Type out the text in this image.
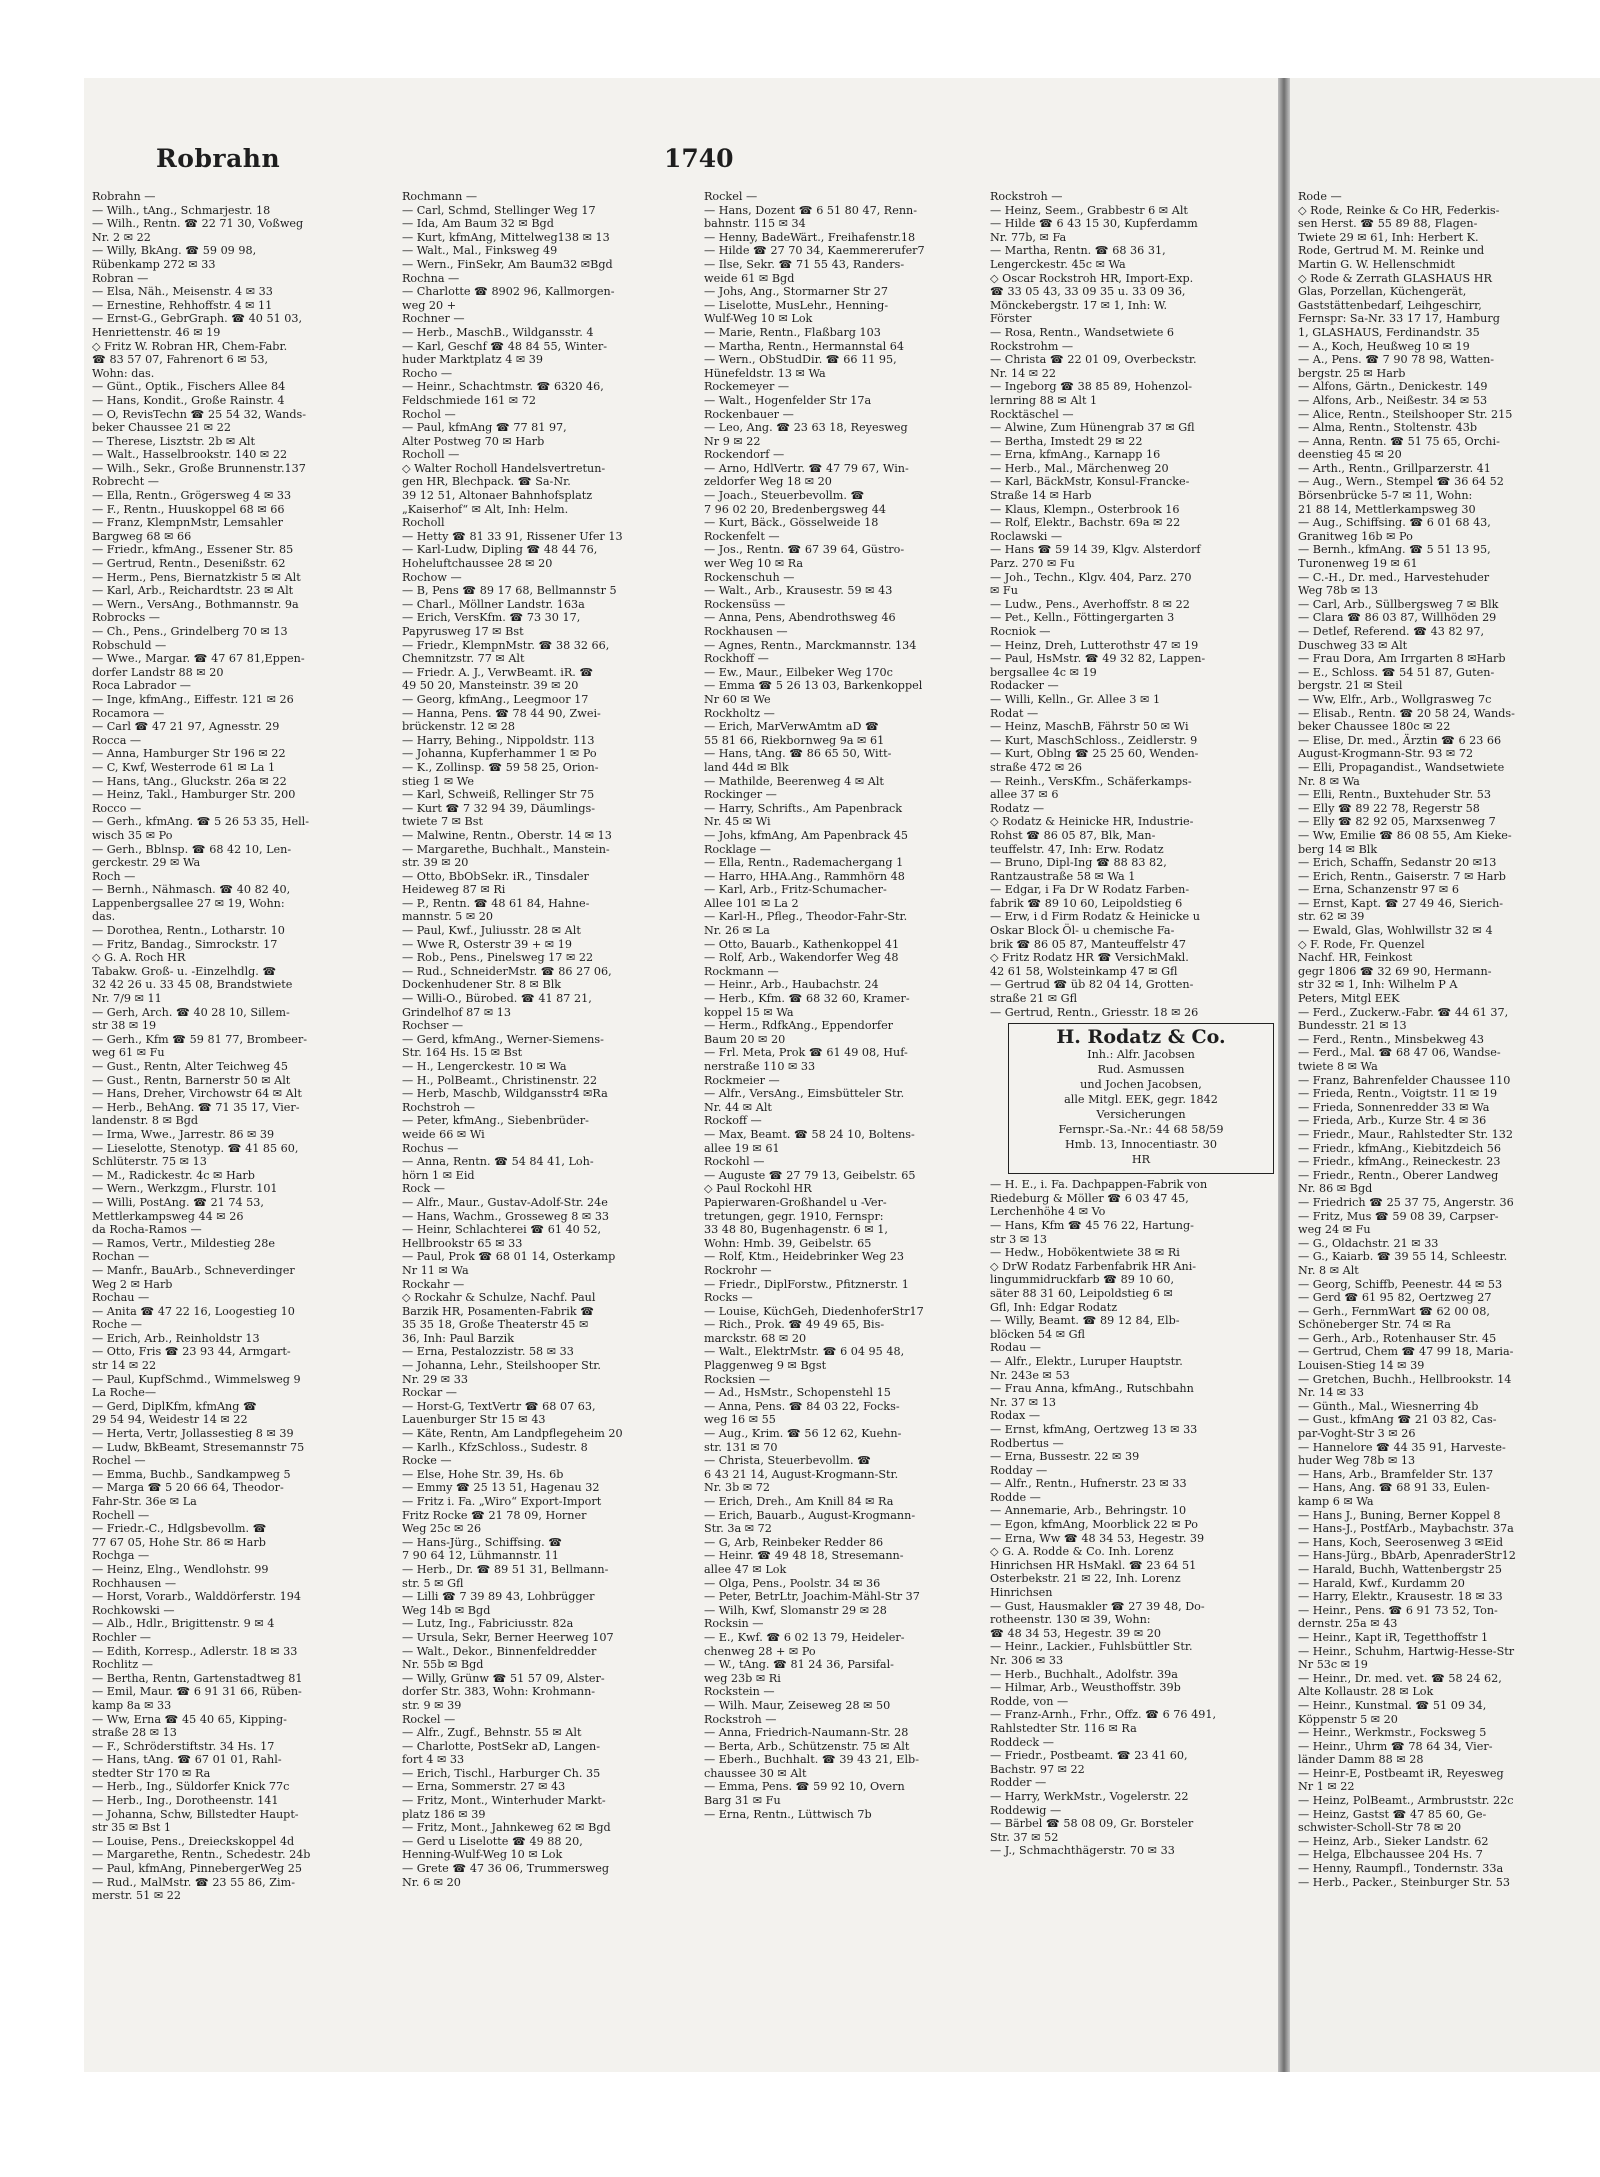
Robrahn	1740
Robrahn —
— Wilh., tAng., Schmarjestr. 18
— Wilh., Rentn. ☎ 22 71 30, Voßweg
Nr. 2 ✉ 22
— Willy, BkAng. ☎ 59 09 98,
Rübenkamp 272 ✉ 33
Robran —
— Elsa, Näh., Meisenstr. 4 ✉ 33
— Ernestine, Rehhoffstr. 4 ✉ 11
— Ernst-G., GebrGraph. ☎ 40 51 03,
Henriettenstr. 46 ✉ 19
◇ Fritz W. Robran HR, Chem-Fabr.
☎ 83 57 07, Fahrenort 6 ✉ 53,
Wohn: das.
— Günt., Optik., Fischers Allee 84
— Hans, Kondit., Große Rainstr. 4
— O, RevisTechn ☎ 25 54 32, Wands-
beker Chaussee 21 ✉ 22
— Therese, Lisztstr. 2b ✉ Alt
— Walt., Hasselbrookstr. 140 ✉ 22
— Wilh., Sekr., Große Brunnenstr.137
Robrecht —
— Ella, Rentn., Grögersweg 4 ✉ 33
— F., Rentn., Huuskoppel 68 ✉ 66
— Franz, KlempnMstr, Lemsahler
Bargweg 68 ✉ 66
— Friedr., kfmAng., Essener Str. 85
— Gertrud, Rentn., Desenißstr. 62
— Herm., Pens, Biernatzkistr 5 ✉ Alt
— Karl, Arb., Reichardtstr. 23 ✉ Alt
— Wern., VersAng., Bothmannstr. 9a
Robrocks —
— Ch., Pens., Grindelberg 70 ✉ 13
Robschuld —
— Wwe., Margar. ☎ 47 67 81,Eppen-
dorfer Landstr 88 ✉ 20
Roca Labrador —
— Inge, kfmAng., Eiffestr. 121 ✉ 26
Rocamora —
— Carl ☎ 47 21 97, Agnesstr. 29
Rocca —
— Anna, Hamburger Str 196 ✉ 22
— C, Kwf, Westerrode 61 ✉ La 1
— Hans, tAng., Gluckstr. 26a ✉ 22
— Heinz, Takl., Hamburger Str. 200
Rocco —
— Gerh., kfmAng. ☎ 5 26 53 35, Hell-
wisch 35 ✉ Po
— Gerh., Bblnsp. ☎ 68 42 10, Len-
gerckestr. 29 ✉ Wa
Roch —
— Bernh., Nähmasch. ☎ 40 82 40,
Lappenbergsallee 27 ✉ 19, Wohn:
das.
— Dorothea, Rentn., Lotharstr. 10
— Fritz, Bandag., Simrockstr. 17
◇ G. A. Roch HR
Tabakw. Groß- u. -Einzelhdlg. ☎
32 42 26 u. 33 45 08, Brandstwiete
Nr. 7/9 ✉ 11
— Gerh, Arch. ☎ 40 28 10, Sillem-
str 38 ✉ 19
— Gerh., Kfm ☎ 59 81 77, Brombeer-
weg 61 ✉ Fu
— Gust., Rentn, Alter Teichweg 45
— Gust., Rentn, Barnerstr 50 ✉ Alt
— Hans, Dreher, Virchowstr 64 ✉ Alt
— Herb., BehAng. ☎ 71 35 17, Vier-
landenstr. 8 ✉ Bgd
— Irma, Wwe., Jarrestr. 86 ✉ 39
— Lieselotte, Stenotyp. ☎ 41 85 60,
Schlüterstr. 75 ✉ 13
— M., Radickestr. 4c ✉ Harb
— Wern., Werkzgm., Flurstr. 101
— Willi, PostAng. ☎ 21 74 53,
Mettlerkampsweg 44 ✉ 26
da Rocha-Ramos —
— Ramos, Vertr., Mildestieg 28e
Rochan —
— Manfr., BauArb., Schneverdinger
Weg 2 ✉ Harb
Rochau —
— Anita ☎ 47 22 16, Loogestieg 10
Roche —
— Erich, Arb., Reinholdstr 13
— Otto, Fris ☎ 23 93 44, Armgart-
str 14 ✉ 22
— Paul, KupfSchmd., Wimmelsweg 9
La Roche—
— Gerd, DiplKfm, kfmAng ☎
29 54 94, Weidestr 14 ✉ 22
— Herta, Vertr, Jollassestieg 8 ✉ 39
— Ludw, BkBeamt, Stresemannstr 75
Rochel —
— Emma, Buchb., Sandkampweg 5
— Marga ☎ 5 20 66 64, Theodor-
Fahr-Str. 36e ✉ La
Rochell —
— Friedr.-C., Hdlgsbevollm. ☎
77 67 05, Hohe Str. 86 ✉ Harb
Rochga —
— Heinz, Elng., Wendlohstr. 99
Rochhausen —
— Horst, Vorarb., Walddörferstr. 194
Rochkowski —
— Alb., Hdlr., Brigittenstr. 9 ✉ 4
Rochler —
— Edith, Korresp., Adlerstr. 18 ✉ 33
Rochlitz —
— Bertha, Rentn, Gartenstadtweg 81
— Emil, Maur. ☎ 6 91 31 66, Rüben-
kamp 8a ✉ 33
— Ww, Erna ☎ 45 40 65, Kipping-
straße 28 ✉ 13
— F., Schröderstiftstr. 34 Hs. 17
— Hans, tAng. ☎ 67 01 01, Rahl-
stedter Str 170 ✉ Ra
— Herb., Ing., Süldorfer Knick 77c
— Herb., Ing., Dorotheenstr. 141
— Johanna, Schw, Billstedter Haupt-
str 35 ✉ Bst 1
— Louise, Pens., Dreieckskoppel 4d
— Margarethe, Rentn., Schedestr. 24b
— Paul, kfmAng, PinnebergerWeg 25
— Rud., MalMstr. ☎ 23 55 86, Zim-
merstr. 51 ✉ 22
Rochmann —
— Carl, Schmd, Stellinger Weg 17
— Ida, Am Baum 32 ✉ Bgd
— Kurt, kfmAng, Mittelweg138 ✉ 13
— Walt., Mal., Finksweg 49
— Wern., FinSekr, Am Baum32 ✉Bgd
Rochna —
— Charlotte ☎ 8902 96, Kallmorgen-
weg 20 +
Rochner —
— Herb., MaschB., Wildgansstr. 4
— Karl, Geschf ☎ 48 84 55, Winter-
huder Marktplatz 4 ✉ 39
Rocho —
— Heinr., Schachtmstr. ☎ 6320 46,
Feldschmiede 161 ✉ 72
Rochol —
— Paul, kfmAng ☎ 77 81 97,
Alter Postweg 70 ✉ Harb
Rocholl —
◇ Walter Rocholl Handelsvertretun-
gen HR, Blechpack. ☎ Sa-Nr.
39 12 51, Altonaer Bahnhofsplatz
„Kaiserhof“ ✉ Alt, Inh: Helm.
Rocholl
— Hetty ☎ 81 33 91, Rissener Ufer 13
— Karl-Ludw, Dipling ☎ 48 44 76,
Hoheluftchaussee 28 ✉ 20
Rochow —
— B, Pens ☎ 89 17 68, Bellmannstr 5
— Charl., Möllner Landstr. 163a
— Erich, VersKfm. ☎ 73 30 17,
Papyrusweg 17 ✉ Bst
— Friedr., KlempnMstr. ☎ 38 32 66,
Chemnitzstr. 77 ✉ Alt
— Friedr. A. J., VerwBeamt. iR. ☎
49 50 20, Mansteinstr. 39 ✉ 20
— Georg, kfmAng., Leegmoor 17
— Hanna, Pens. ☎ 78 44 90, Zwei-
brückenstr. 12 ✉ 28
— Harry, Behing., Nippoldstr. 113
— Johanna, Kupferhammer 1 ✉ Po
— K., Zollinsp. ☎ 59 58 25, Orion-
stieg 1 ✉ We
— Karl, Schweiß, Rellinger Str 75
— Kurt ☎ 7 32 94 39, Däumlings-
twiete 7 ✉ Bst
— Malwine, Rentn., Oberstr. 14 ✉ 13
— Margarethe, Buchhalt., Manstein-
str. 39 ✉ 20
— Otto, BbObSekr. iR., Tinsdaler
Heideweg 87 ✉ Ri
— P., Rentn. ☎ 48 61 84, Hahne-
mannstr. 5 ✉ 20
— Paul, Kwf., Juliusstr. 28 ✉ Alt
— Wwe R, Osterstr 39 + ✉ 19
— Rob., Pens., Pinelsweg 17 ✉ 22
— Rud., SchneiderMstr. ☎ 86 27 06,
Dockenhudener Str. 8 ✉ Blk
— Willi-O., Bürobed. ☎ 41 87 21,
Grindelhof 87 ✉ 13
Rochser —
— Gerd, kfmAng., Werner-Siemens-
Str. 164 Hs. 15 ✉ Bst
— H., Lengerckestr. 10 ✉ Wa
— H., PolBeamt., Christinenstr. 22
— Herb, Maschb, Wildgansstr4 ✉Ra
Rochstroh —
— Peter, kfmAng., Siebenbrüder-
weide 66 ✉ Wi
Rochus —
— Anna, Rentn. ☎ 54 84 41, Loh-
hörn 1 ✉ Eid
Rock —
— Alfr., Maur., Gustav-Adolf-Str. 24e
— Hans, Wachm., Grosseweg 8 ✉ 33
— Heinr, Schlachterei ☎ 61 40 52,
Hellbrookstr 65 ✉ 33
— Paul, Prok ☎ 68 01 14, Osterkamp
Nr 11 ✉ Wa
Rockahr —
◇ Rockahr & Schulze, Nachf. Paul
Barzik HR, Posamenten-Fabrik ☎
35 35 18, Große Theaterstr 45 ✉
36, Inh: Paul Barzik
— Erna, Pestalozzistr. 58 ✉ 33
— Johanna, Lehr., Steilshooper Str.
Nr. 29 ✉ 33
Rockar —
— Horst-G, TextVertr ☎ 68 07 63,
Lauenburger Str 15 ✉ 43
— Käte, Rentn, Am Landpflegeheim 20
— Karlh., KfzSchloss., Sudestr. 8
Rocke —
— Else, Hohe Str. 39, Hs. 6b
— Emmy ☎ 25 13 51, Hagenau 32
— Fritz i. Fa. „Wiro“ Export-Import
Fritz Rocke ☎ 21 78 09, Horner
Weg 25c ✉ 26
— Hans-Jürg., Schiffsing. ☎
7 90 64 12, Lühmannstr. 11
— Herb., Dr. ☎ 89 51 31, Bellmann-
str. 5 ✉ Gfl
— Lilli ☎ 7 39 89 43, Lohbrügger
Weg 14b ✉ Bgd
— Lutz, Ing., Fabriciusstr. 82a
— Ursula, Sekr, Berner Heerweg 107
— Walt., Dekor., Binnenfeldredder
Nr. 55b ✉ Bgd
— Willy, Grünw ☎ 51 57 09, Alster-
dorfer Str. 383, Wohn: Krohmann-
str. 9 ✉ 39
Rockel —
— Alfr., Zugf., Behnstr. 55 ✉ Alt
— Charlotte, PostSekr aD, Langen-
fort 4 ✉ 33
— Erich, Tischl., Harburger Ch. 35
— Erna, Sommerstr. 27 ✉ 43
— Fritz, Mont., Winterhuder Markt-
platz 186 ✉ 39
— Fritz, Mont., Jahnkeweg 62 ✉ Bgd
— Gerd u Liselotte ☎ 49 88 20,
Henning-Wulf-Weg 10 ✉ Lok
— Grete ☎ 47 36 06, Trummersweg
Nr. 6 ✉ 20
Rockel —
— Hans, Dozent ☎ 6 51 80 47, Renn-
bahnstr. 115 ✉ 34
— Henny, BadeWärt., Freihafenstr.18
— Hilde ☎ 27 70 34, Kaemmererufer7
— Ilse, Sekr. ☎ 71 55 43, Randers-
weide 61 ✉ Bgd
— Johs, Ang., Stormarner Str 27
— Liselotte, MusLehr., Henning-
Wulf-Weg 10 ✉ Lok
— Marie, Rentn., Flaßbarg 103
— Martha, Rentn., Hermannstal 64
— Wern., ObStudDir. ☎ 66 11 95,
Hünefeldstr. 13 ✉ Wa
Rockemeyer —
— Walt., Hogenfelder Str 17a
Rockenbauer —
— Leo, Ang. ☎ 23 63 18, Reyesweg
Nr 9 ✉ 22
Rockendorf —
— Arno, HdlVertr. ☎ 47 79 67, Win-
zeldorfer Weg 18 ✉ 20
— Joach., Steuerbevollm. ☎
7 96 02 20, Bredenbergsweg 44
— Kurt, Bäck., Gösselweide 18
Rockenfelt —
— Jos., Rentn. ☎ 67 39 64, Güstro-
wer Weg 10 ✉ Ra
Rockenschuh —
— Walt., Arb., Krausestr. 59 ✉ 43
Rockensüss —
— Anna, Pens, Abendrothsweg 46
Rockhausen —
— Agnes, Rentn., Marckmannstr. 134
Rockhoff —
— Ew., Maur., Eilbeker Weg 170c
— Emma ☎ 5 26 13 03, Barkenkoppel
Nr 60 ✉ We
Rockholtz —
— Erich, MarVerwAmtm aD ☎
55 81 66, Riekbornweg 9a ✉ 61
— Hans, tAng. ☎ 86 65 50, Witt-
land 44d ✉ Blk
— Mathilde, Beerenweg 4 ✉ Alt
Rockinger —
— Harry, Schrifts., Am Papenbrack
Nr. 45 ✉ Wi
— Johs, kfmAng, Am Papenbrack 45
Rocklage —
— Ella, Rentn., Rademachergang 1
— Harro, HHA.Ang., Rammhörn 48
— Karl, Arb., Fritz-Schumacher-
Allee 101 ✉ La 2
— Karl-H., Pfleg., Theodor-Fahr-Str.
Nr. 26 ✉ La
— Otto, Bauarb., Kathenkoppel 41
— Rolf, Arb., Wakendorfer Weg 48
Rockmann —
— Heinr., Arb., Haubachstr. 24
— Herb., Kfm. ☎ 68 32 60, Kramer-
koppel 15 ✉ Wa
— Herm., RdfkAng., Eppendorfer
Baum 20 ✉ 20
— Frl. Meta, Prok ☎ 61 49 08, Huf-
nerstraße 110 ✉ 33
Rockmeier —
— Alfr., VersAng., Eimsbütteler Str.
Nr. 44 ✉ Alt
Rockoff —
— Max, Beamt. ☎ 58 24 10, Boltens-
allee 19 ✉ 61
Rockohl —
— Auguste ☎ 27 79 13, Geibelstr. 65
◇ Paul Rockohl HR
Papierwaren-Großhandel u -Ver-
tretungen, gegr. 1910, Fernspr:
33 48 80, Bugenhagenstr. 6 ✉ 1,
Wohn: Hmb. 39, Geibelstr. 65
— Rolf, Ktm., Heidebrinker Weg 23
Rockrohr —
— Friedr., DiplForstw., Pfitznerstr. 1
Rocks —
— Louise, KüchGeh, DiedenhoferStr17
— Rich., Prok. ☎ 49 49 65, Bis-
marckstr. 68 ✉ 20
— Walt., ElektrMstr. ☎ 6 04 95 48,
Plaggenweg 9 ✉ Bgst
Rocksien —
— Ad., HsMstr., Schopenstehl 15
— Anna, Pens. ☎ 84 03 22, Focks-
weg 16 ✉ 55
— Aug., Krim. ☎ 56 12 62, Kuehn-
str. 131 ✉ 70
— Christa, Steuerbevollm. ☎
6 43 21 14, August-Krogmann-Str.
Nr. 3b ✉ 72
— Erich, Dreh., Am Knill 84 ✉ Ra
— Erich, Bauarb., August-Krogmann-
Str. 3a ✉ 72
— G, Arb, Reinbeker Redder 86
— Heinr. ☎ 49 48 18, Stresemann-
allee 47 ✉ Lok
— Olga, Pens., Poolstr. 34 ✉ 36
— Peter, BetrLtr, Joachim-Mähl-Str 37
— Wilh, Kwf, Slomanstr 29 ✉ 28
Rocksin —
— E., Kwf. ☎ 6 02 13 79, Heideler-
chenweg 28 + ✉ Po
— W., tAng. ☎ 81 24 36, Parsifal-
weg 23b ✉ Ri
Rockstein —
— Wilh. Maur, Zeiseweg 28 ✉ 50
Rockstroh —
— Anna, Friedrich-Naumann-Str. 28
— Berta, Arb., Schützenstr. 75 ✉ Alt
— Eberh., Buchhalt. ☎ 39 43 21, Elb-
chaussee 30 ✉ Alt
— Emma, Pens. ☎ 59 92 10, Overn
Barg 31 ✉ Fu
— Erna, Rentn., Lüttwisch 7b
Rockstroh —
— Heinz, Seem., Grabbestr 6 ✉ Alt
— Hilde ☎ 6 43 15 30, Kupferdamm
Nr. 77b, ✉ Fa
— Martha, Rentn. ☎ 68 36 31,
Lengerckestr. 45c ✉ Wa
◇ Oscar Rockstroh HR, Import-Exp.
☎ 33 05 43, 33 09 35 u. 33 09 36,
Mönckebergstr. 17 ✉ 1, Inh: W.
Förster
— Rosa, Rentn., Wandsetwiete 6
Rockstrohm —
— Christa ☎ 22 01 09, Overbeckstr.
Nr. 14 ✉ 22
— Ingeborg ☎ 38 85 89, Hohenzol-
lernring 88 ✉ Alt 1
Rocktäschel —
— Alwine, Zum Hünengrab 37 ✉ Gfl
— Bertha, Imstedt 29 ✉ 22
— Erna, kfmAng., Karnapp 16
— Herb., Mal., Märchenweg 20
— Karl, BäckMstr, Konsul-Francke-
Straße 14 ✉ Harb
— Klaus, Klempn., Osterbrook 16
— Rolf, Elektr., Bachstr. 69a ✉ 22
Roclawski —
— Hans ☎ 59 14 39, Klgv. Alsterdorf
Parz. 270 ✉ Fu
— Joh., Techn., Klgv. 404, Parz. 270
✉ Fu
— Ludw., Pens., Averhoffstr. 8 ✉ 22
— Pet., Kelln., Föttingergarten 3
Rocniok —
— Heinz, Dreh, Lutterothstr 47 ✉ 19
— Paul, HsMstr. ☎ 49 32 82, Lappen-
bergsallee 4c ✉ 19
Rodacker —
— Willi, Kelln., Gr. Allee 3 ✉ 1
Rodat —
— Heinz, MaschB, Fährstr 50 ✉ Wi
— Kurt, MaschSchloss., Zeidlerstr. 9
— Kurt, Oblng ☎ 25 25 60, Wenden-
straße 472 ✉ 26
— Reinh., VersKfm., Schäferkamps-
allee 37 ✉ 6
Rodatz —
◇ Rodatz & Heinicke HR, Industrie-
Rohst ☎ 86 05 87, Blk, Man-
teuffelstr. 47, Inh: Erw. Rodatz
— Bruno, Dipl-Ing ☎ 88 83 82,
Rantzaustraße 58 ✉ Wa 1
— Edgar, i Fa Dr W Rodatz Farben-
fabrik ☎ 89 10 60, Leipoldstieg 6
— Erw, i d Firm Rodatz & Heinicke u
Oskar Block Öl- u chemische Fa-
brik ☎ 86 05 87, Manteuffelstr 47
◇ Fritz Rodatz HR ☎ VersichMakl.
42 61 58, Wolsteinkamp 47 ✉ Gfl
— Gertrud ☎ üb 82 04 14, Grotten-
straße 21 ✉ Gfl
— Gertrud, Rentn., Griesstr. 18 ✉ 26
H. Rodatz & Co.
Inh.: Alfr. Jacobsen
Rud. Asmussen
und Jochen Jacobsen,
alle Mitgl. EEK, gegr. 1842
Versicherungen
Fernspr.-Sa.-Nr.: 44 68 58/59
Hmb. 13, Innocentiastr. 30
HR
— H. E., i. Fa. Dachpappen-Fabrik von
Riedeburg & Möller ☎ 6 03 47 45,
Lerchenhöhe 4 ✉ Vo
— Hans, Kfm ☎ 45 76 22, Hartung-
str 3 ✉ 13
— Hedw., Hobökentwiete 38 ✉ Ri
◇ DrW Rodatz Farbenfabrik HR Ani-
lingummidruckfarb ☎ 89 10 60,
säter 88 31 60, Leipoldstieg 6 ✉
Gfl, Inh: Edgar Rodatz
— Willy, Beamt. ☎ 89 12 84, Elb-
blöcken 54 ✉ Gfl
Rodau —
— Alfr., Elektr., Luruper Hauptstr.
Nr. 243e ✉ 53
— Frau Anna, kfmAng., Rutschbahn
Nr. 37 ✉ 13
Rodax —
— Ernst, kfmAng, Oertzweg 13 ✉ 33
Rodbertus —
— Erna, Bussestr. 22 ✉ 39
Rodday —
— Alfr., Rentn., Hufnerstr. 23 ✉ 33
Rodde —
— Annemarie, Arb., Behringstr. 10
— Egon, kfmAng, Moorblick 22 ✉ Po
— Erna, Ww ☎ 48 34 53, Hegestr. 39
◇ G. A. Rodde & Co. Inh. Lorenz
Hinrichsen HR HsMakl. ☎ 23 64 51
Osterbekstr. 21 ✉ 22, Inh. Lorenz
Hinrichsen
— Gust, Hausmakler ☎ 27 39 48, Do-
rotheenstr. 130 ✉ 39, Wohn:
☎ 48 34 53, Hegestr. 39 ✉ 20
— Heinr., Lackier., Fuhlsbüttler Str.
Nr. 306 ✉ 33
— Herb., Buchhalt., Adolfstr. 39a
— Hilmar, Arb., Weusthoffstr. 39b
Rodde, von —
— Franz-Arnh., Frhr., Offz. ☎ 6 76 491,
Rahlstedter Str. 116 ✉ Ra
Roddeck —
— Friedr., Postbeamt. ☎ 23 41 60,
Bachstr. 97 ✉ 22
Rodder —
— Harry, WerkMstr., Vogelerstr. 22
Roddewig —
— Bärbel ☎ 58 08 09, Gr. Borsteler
Str. 37 ✉ 52
— J., Schmachthägerstr. 70 ✉ 33
Rode —
◇ Rode, Reinke & Co HR, Federkis-
sen Herst. ☎ 55 89 88, Flagen-
Twiete 29 ✉ 61, Inh: Herbert K.
Rode, Gertrud M. M. Reinke und
Martin G. W. Hellenschmidt
◇ Rode & Zerrath GLASHAUS HR
Glas, Porzellan, Küchengerät,
Gaststättenbedarf, Leihgeschirr,
Fernspr: Sa-Nr. 33 17 17, Hamburg
1, GLASHAUS, Ferdinandstr. 35
— A., Koch, Heußweg 10 ✉ 19
— A., Pens. ☎ 7 90 78 98, Watten-
bergstr. 25 ✉ Harb
— Alfons, Gärtn., Denickestr. 149
— Alfons, Arb., Neißestr. 34 ✉ 53
— Alice, Rentn., Steilshooper Str. 215
— Alma, Rentn., Stoltenstr. 43b
— Anna, Rentn. ☎ 51 75 65, Orchi-
deenstieg 45 ✉ 20
— Arth., Rentn., Grillparzerstr. 41
— Aug., Wern., Stempel ☎ 36 64 52
Börsenbrücke 5-7 ✉ 11, Wohn:
21 88 14, Mettlerkampsweg 30
— Aug., Schiffsing. ☎ 6 01 68 43,
Granitweg 16b ✉ Po
— Bernh., kfmAng. ☎ 5 51 13 95,
Turonenweg 19 ✉ 61
— C.-H., Dr. med., Harvestehuder
Weg 78b ✉ 13
— Carl, Arb., Süllbergsweg 7 ✉ Blk
— Clara ☎ 86 03 87, Willhöden 29
— Detlef, Referend. ☎ 43 82 97,
Duschweg 33 ✉ Alt
— Frau Dora, Am Irrgarten 8 ✉Harb
— E., Schloss. ☎ 54 51 87, Guten-
bergstr. 21 ✉ Steil
— Ww, Elfr., Arb., Wollgrasweg 7c
— Elisab., Rentn. ☎ 20 58 24, Wands-
beker Chaussee 180c ✉ 22
— Elise, Dr. med., Ärztin ☎ 6 23 66
August-Krogmann-Str. 93 ✉ 72
— Elli, Propagandist., Wandsetwiete
Nr. 8 ✉ Wa
— Elli, Rentn., Buxtehuder Str. 53
— Elly ☎ 89 22 78, Regerstr 58
— Elly ☎ 82 92 05, Marxsenweg 7
— Ww, Emilie ☎ 86 08 55, Am Kieke-
berg 14 ✉ Blk
— Erich, Schaffn, Sedanstr 20 ✉13
— Erich, Rentn., Gaiserstr. 7 ✉ Harb
— Erna, Schanzenstr 97 ✉ 6
— Ernst, Kapt. ☎ 27 49 46, Sierich-
str. 62 ✉ 39
— Ewald, Glas, Wohlwillstr 32 ✉ 4
◇ F. Rode, Fr. Quenzel
Nachf. HR, Feinkost
gegr 1806 ☎ 32 69 90, Hermann-
str 32 ✉ 1, Inh: Wilhelm P A
Peters, Mitgl EEK
— Ferd., Zuckerw.-Fabr. ☎ 44 61 37,
Bundesstr. 21 ✉ 13
— Ferd., Rentn., Minsbekweg 43
— Ferd., Mal. ☎ 68 47 06, Wandse-
twiete 8 ✉ Wa
— Franz, Bahrenfelder Chaussee 110
— Frieda, Rentn., Voigtstr. 11 ✉ 19
— Frieda, Sonnenredder 33 ✉ Wa
— Frieda, Arb., Kurze Str. 4 ✉ 36
— Friedr., Maur., Rahlstedter Str. 132
— Friedr., kfmAng., Kiebitzdeich 56
— Friedr., kfmAng., Reineckestr. 23
— Friedr., Rentn., Oberer Landweg
Nr. 86 ✉ Bgd
— Friedrich ☎ 25 37 75, Angerstr. 36
— Fritz, Mus ☎ 59 08 39, Carpser-
weg 24 ✉ Fu
— G., Oldachstr. 21 ✉ 33
— G., Kaiarb. ☎ 39 55 14, Schleestr.
Nr. 8 ✉ Alt
— Georg, Schiffb, Peenestr. 44 ✉ 53
— Gerd ☎ 61 95 82, Oertzweg 27
— Gerh., FernmWart ☎ 62 00 08,
Schöneberger Str. 74 ✉ Ra
— Gerh., Arb., Rotenhauser Str. 45
— Gertrud, Chem ☎ 47 99 18, Maria-
Louisen-Stieg 14 ✉ 39
— Gretchen, Buchh., Hellbrookstr. 14
Nr. 14 ✉ 33
— Günth., Mal., Wiesnerring 4b
— Gust., kfmAng ☎ 21 03 82, Cas-
par-Voght-Str 3 ✉ 26
— Hannelore ☎ 44 35 91, Harveste-
huder Weg 78b ✉ 13
— Hans, Arb., Bramfelder Str. 137
— Hans, Ang. ☎ 68 91 33, Eulen-
kamp 6 ✉ Wa
— Hans J., Buning, Berner Koppel 8
— Hans-J., PostfArb., Maybachstr. 37a
— Hans, Koch, Seerosenweg 3 ✉Eid
— Hans-Jürg., BbArb, ApenraderStr12
— Harald, Buchh, Wattenbergstr 25
— Harald, Kwf., Kurdamm 20
— Harry, Elektr., Krausestr. 18 ✉ 33
— Heinr., Pens. ☎ 6 91 73 52, Ton-
dernstr. 25a ✉ 43
— Heinr., Kapt iR, Tegetthoffstr 1
— Heinr., Schuhm, Hartwig-Hesse-Str
Nr 53c ✉ 19
— Heinr., Dr. med. vet. ☎ 58 24 62,
Alte Kollaustr. 28 ✉ Lok
— Heinr., Kunstmal. ☎ 51 09 34,
Köppenstr 5 ✉ 20
— Heinr., Werkmstr., Focksweg 5
— Heinr., Uhrm ☎ 78 64 34, Vier-
länder Damm 88 ✉ 28
— Heinr-E, Postbeamt iR, Reyesweg
Nr 1 ✉ 22
— Heinz, PolBeamt., Armbruststr. 22c
— Heinz, Gastst ☎ 47 85 60, Ge-
schwister-Scholl-Str 78 ✉ 20
— Heinz, Arb., Sieker Landstr. 62
— Helga, Elbchaussee 204 Hs. 7
— Henny, Raumpfl., Tondernstr. 33a
— Herb., Packer., Steinburger Str. 53
